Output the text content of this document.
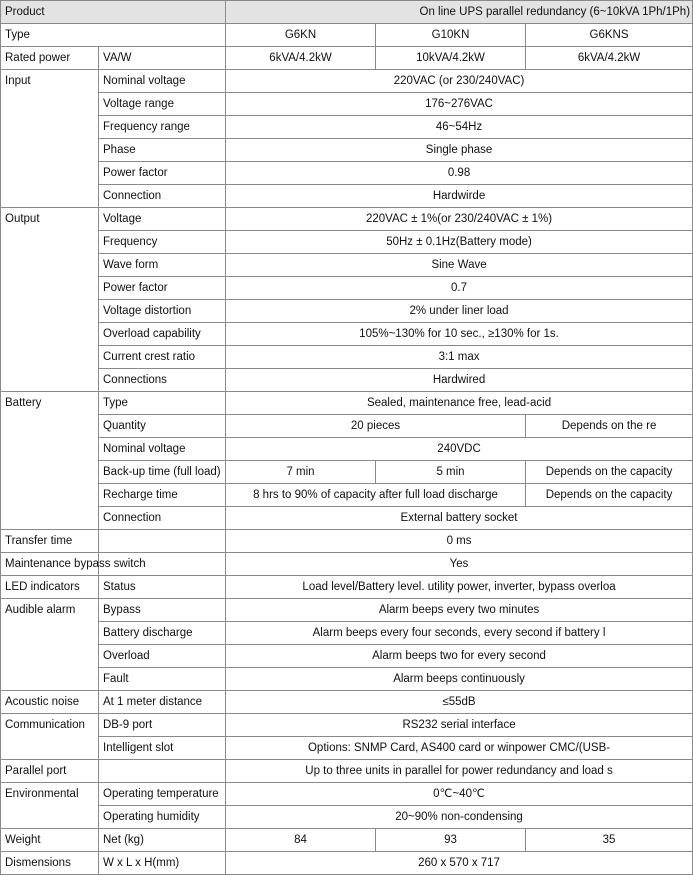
Product		On line UPS parallel redundancy (6~10kVA 1Ph/1Ph)		
Type		G6KN	G10KN	G6KNS
Rated power	VA/W	6kVA/4.2kW	10kVA/4.2kW	6kVA/4.2kW
Input	Nominal voltage	220VAC (or 230/240VAC)		
	Voltage range	176~276VAC		
	Frequency range	46~54Hz		
	Phase	Single phase		
	Power factor	0.98		
	Connection	Hardwirde		
Output	Voltage	220VAC ± 1%(or 230/240VAC ± 1%)		
	Frequency	50Hz ± 0.1Hz(Battery mode)		
	Wave form	Sine Wave		
	Power factor	0.7		
	Voltage distortion	2% under liner load		
	Overload capability	105%~130% for 10 sec., ≥130% for 1s.		
	Current crest ratio	3:1 max		
	Connections	Hardwired		
Battery	Type	Sealed, maintenance free, lead-acid		
	Quantity	20 pieces		Depends on the re
	Nominal voltage	240VDC		
	Back-up time (full load)	7 min	5 min	Depends on the capacity
	Recharge time	8 hrs to 90% of capacity after full load discharge		Depends on the capacity
	Connection	External battery socket		
Transfer time		0 ms		
Maintenance bypass switch		Yes		
LED indicators	Status	Load level/Battery level. utility power, inverter, bypass overloa		
Audible alarm	Bypass	Alarm beeps every two minutes		
	Battery discharge	Alarm beeps every four seconds, every second if battery l		
	Overload	Alarm beeps two for every second		
	Fault	Alarm beeps continuously		
Acoustic noise	At 1 meter distance	≤55dB		
Communication	DB-9 port	RS232 serial interface		
	Intelligent slot	Options: SNMP Card, AS400 card or winpower CMC/(USB-		
Parallel port		Up to three units in parallel for power redundancy and load s		
Environmental	Operating temperature	0℃~40℃		
	Operating humidity	20~90% non-condensing		
Weight	Net (kg)	84	93	35
Dismensions	W x L x H(mm)	260 x 570 x 717		
